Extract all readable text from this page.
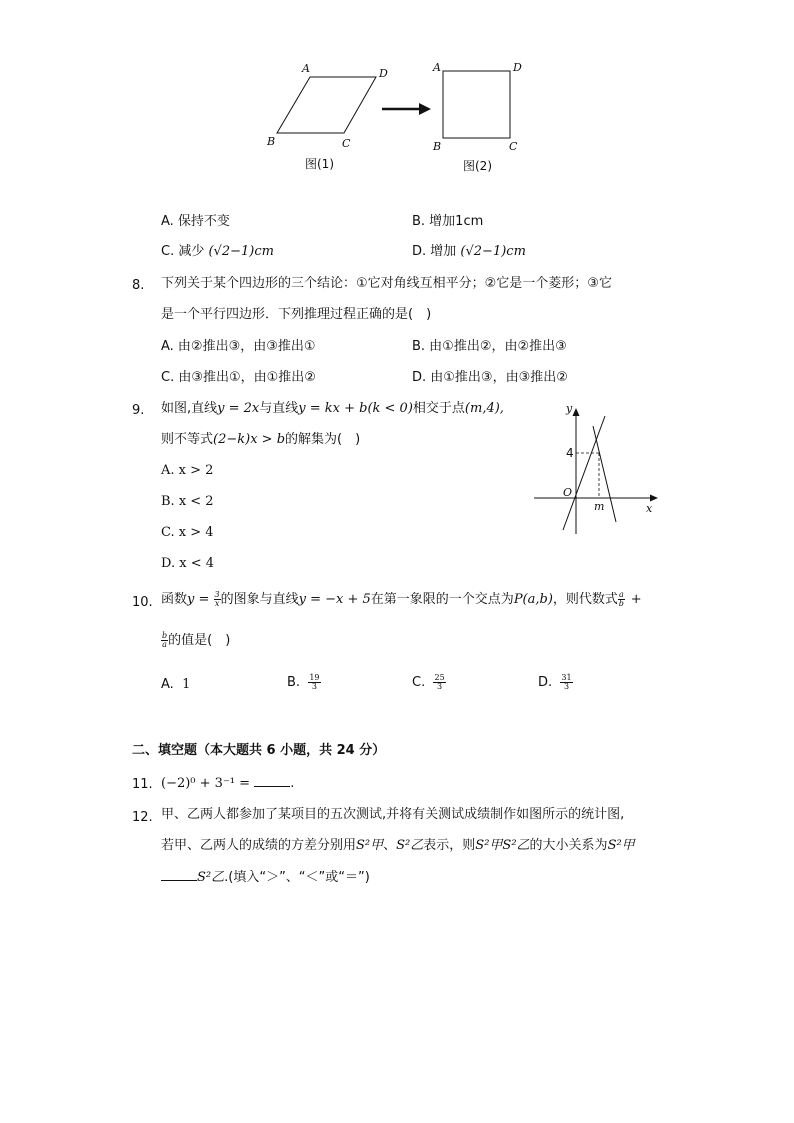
A	D
B	C
图(1)
A	D
B	C
图(2)
A. 保持不变	B. 增加1cm
C. 减少 (√2−1)cm	D. 增加 (√2−1)cm
8. 下列关于某个四边形的三个结论：①它对角线互相平分；②它是一个菱形；③它
是一个平行四边形．下列推理过程正确的是(　)
A. 由②推出③，由③推出①	B. 由①推出②，由②推出③
C. 由③推出①，由①推出②	D. 由①推出③，由③推出②
9. 如图,直线y = 2x与直线y = kx + b(k < 0)相交于点(m,4),
则不等式(2−k)x > b的解集为(　)
A. x > 2
B. x < 2
C. x > 4
D. x < 4
y
x
O
4
m
10. 函数$y = \frac{3}{x}$ 的图象与直线y = −x + 5在第一象限的一个交点为P(a,b)，则代数式 $\frac{a}{b}$ +
$\frac{b}{a}$ 的值是(　)
A. 1	B. $\frac{19}{3}$	C. $\frac{25}{3}$	D. $\frac{31}{3}$
二、填空题（本大题共 6 小题，共 24 分）
11. (−2)⁰ + 3⁻¹ =	.
12. 甲、乙两人都参加了某项目的五次测试,并将有关测试成绩制作如图所示的统计图,
若甲、乙两人的成绩的方差分别用S²甲、S²乙表示，则S²甲S²乙的大小关系为S²甲
S²乙.(填入“＞”、“＜”或“＝”)
